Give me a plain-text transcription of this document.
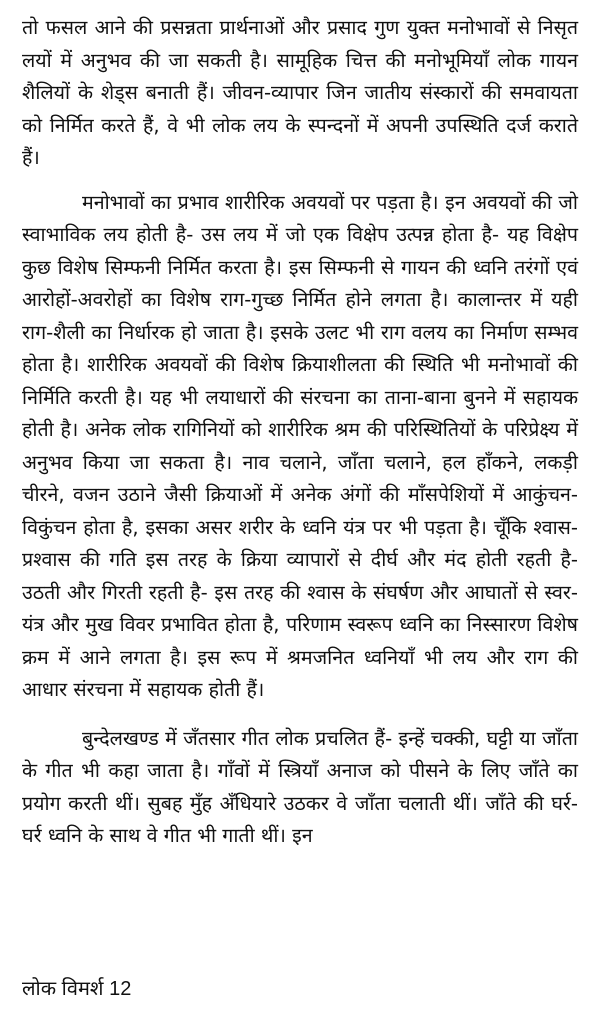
तो फसल आने की प्रसन्नता प्रार्थनाओं और प्रसाद गुण युक्त मनोभावों से निसृत लयों में अनुभव की जा सकती है। सामूहिक चित्त की मनोभूमियाँ लोक गायन शैलियों के शेड्स बनाती हैं। जीवन-व्यापार जिन जातीय संस्कारों की समवायता को निर्मित करते हैं, वे भी लोक लय के स्पन्दनों में अपनी उपस्थिति दर्ज कराते हैं।

मनोभावों का प्रभाव शारीरिक अवयवों पर पड़ता है। इन अवयवों की जो स्वाभाविक लय होती है- उस लय में जो एक विक्षेप उत्पन्न होता है- यह विक्षेप कुछ विशेष सिम्फनी निर्मित करता है। इस सिम्फनी से गायन की ध्वनि तरंगों एवं आरोहों-अवरोहों का विशेष राग-गुच्छ निर्मित होने लगता है। कालान्तर में यही राग-शैली का निर्धारक हो जाता है। इसके उलट भी राग वलय का निर्माण सम्भव होता है। शारीरिक अवयवों की विशेष क्रियाशीलता की स्थिति भी मनोभावों की निर्मिति करती है। यह भी लयाधारों की संरचना का ताना-बाना बुनने में सहायक होती है। अनेक लोक रागिनियों को शारीरिक श्रम की परिस्थितियों के परिप्रेक्ष्य में अनुभव किया जा सकता है। नाव चलाने, जाँता चलाने, हल हाँकने, लकड़ी चीरने, वजन उठाने जैसी क्रियाओं में अनेक अंगों की माँसपेशियों में आकुंचन-विकुंचन होता है, इसका असर शरीर के ध्वनि यंत्र पर भी पड़ता है। चूँकि श्वास-प्रश्वास की गति इस तरह के क्रिया व्यापारों से दीर्घ और मंद होती रहती है- उठती और गिरती रहती है- इस तरह की श्वास के संघर्षण और आघातों से स्वर-यंत्र और मुख विवर प्रभावित होता है, परिणाम स्वरूप ध्वनि का निस्सारण विशेष क्रम में आने लगता है। इस रूप में श्रमजनित ध्वनियाँ भी लय और राग की आधार संरचना में सहायक होती हैं।

बुन्देलखण्ड में जँतसार गीत लोक प्रचलित हैं- इन्हें चक्की, घट्टी या जाँता के गीत भी कहा जाता है। गाँवों में स्त्रियाँ अनाज को पीसने के लिए जाँते का प्रयोग करती थीं। सुबह मुँह अँधियारे उठकर वे जाँता चलाती थीं। जाँते की घर्र-घर्र ध्वनि के साथ वे गीत भी गाती थीं। इन

लोक विमर्श 12
